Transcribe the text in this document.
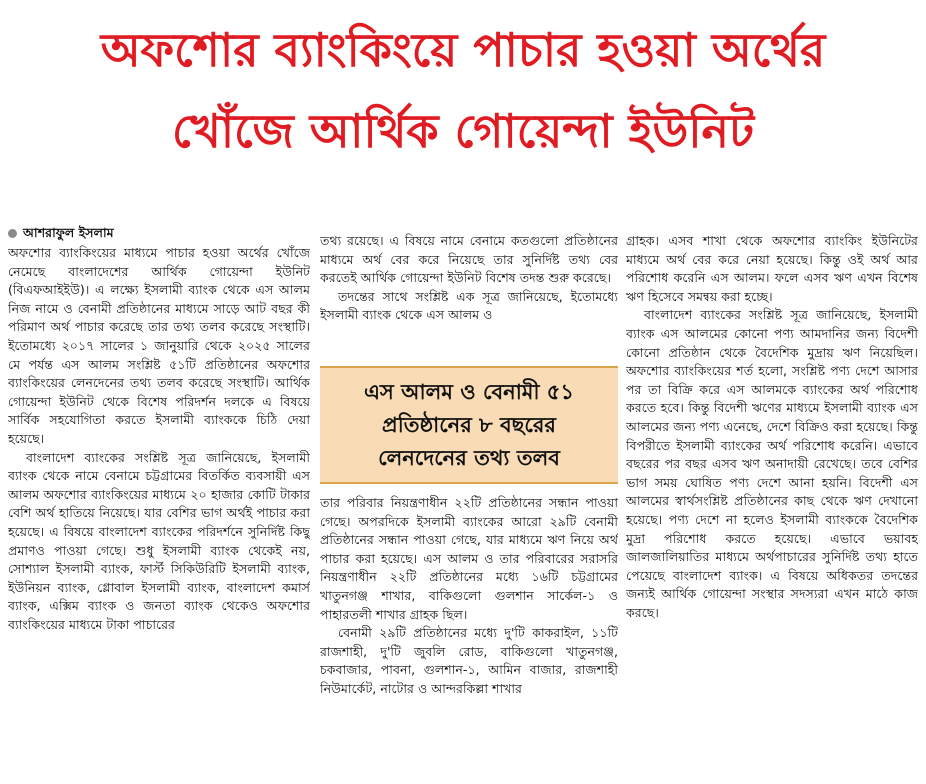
অফশোর ব্যাংকিংয়ে পাচার হওয়া অর্থের
খোঁজে আর্থিক গোয়েন্দা ইউনিট
আশরাফুল ইসলাম

অফশোর ব্যাংকিংয়ের মাধ্যমে পাচার হওয়া অর্থের খোঁজে নেমেছে বাংলাদেশের আর্থিক গোয়েন্দা ইউনিট (বিএফআইইউ)। এ লক্ষ্যে ইসলামী ব্যাংক থেকে এস আলম নিজ নামে ও বেনামী প্রতিষ্ঠানের মাধ্যমে সাড়ে আট বছর কী পরিমাণ অর্থ পাচার করেছে তার তথ্য তলব করেছে সংস্থাটি। ইতোমধ্যে ২০১৭ সালের ১ জানুয়ারি থেকে ২০২৫ সালের মে পর্যন্ত এস আলম সংশ্লিষ্ট ৫১টি প্রতিষ্ঠানের অফশোর ব্যাংকিংয়ের লেনদেনের তথ্য তলব করেছে সংস্থাটি। আর্থিক গোয়েন্দা ইউনিট থেকে বিশেষ পরিদর্শন দলকে এ বিষয়ে সার্বিক সহযোগিতা করতে ইসলামী ব্যাংককে চিঠি দেয়া হয়েছে।

বাংলাদেশ ব্যাংকের সংশ্লিষ্ট সূত্র জানিয়েছে, ইসলামী ব্যাংক থেকে নামে বেনামে চট্টগ্রামের বিতর্কিত ব্যবসায়ী এস আলম অফশোর ব্যাংকিংয়ের মাধ্যমে ২০ হাজার কোটি টাকার বেশি অর্থ হাতিয়ে নিয়েছে। যার বেশির ভাগ অর্থই পাচার করা হয়েছে। এ বিষয়ে বাংলাদেশ ব্যাংকের পরিদর্শনে সুনির্দিষ্ট কিছু প্রমাণও পাওয়া গেছে। শুধু ইসলামী ব্যাংক থেকেই নয়, সোশ্যাল ইসলামী ব্যাংক, ফার্স্ট সিকিউরিটি ইসলামী ব্যাংক, ইউনিয়ন ব্যাংক, গ্লোবাল ইসলামী ব্যাংক, বাংলাদেশ কমার্স ব্যাংক, এক্সিম ব্যাংক ও জনতা ব্যাংক থেকেও অফশোর ব্যাংকিংয়ের মাধ্যমে টাকা পাচারের

তথ্য রয়েছে। এ বিষয়ে নামে বেনামে কতগুলো প্রতিষ্ঠানের মাধ্যমে অর্থ বের করে নিয়েছে তার সুনির্দিষ্ট তথ্য বের করতেই আর্থিক গোয়েন্দা ইউনিট বিশেষ তদন্ত শুরু করেছে।

তদন্তের সাথে সংশ্লিষ্ট এক সূত্র জানিয়েছে, ইতোমধ্যে ইসলামী ব্যাংক থেকে এস আলম ও

এস আলম ও বেনামী ৫১
প্রতিষ্ঠানের ৮ বছরের
লেনদেনের তথ্য তলব

তার পরিবার নিয়ন্ত্রণাধীন ২২টি প্রতিষ্ঠানের সন্ধান পাওয়া গেছে। অপরদিকে ইসলামী ব্যাংকের আরো ২৯টি বেনামী প্রতিষ্ঠানের সন্ধান পাওয়া গেছে, যার মাধ্যমে ঋণ নিয়ে অর্থ পাচার করা হয়েছে। এস আলম ও তার পরিবারের সরাসরি নিয়ন্ত্রণাধীন ২২টি প্রতিষ্ঠানের মধ্যে ১৬টি চট্টগ্রামের খাতুনগঞ্জ শাখার, বাকিগুলো গুলশান সার্কেল-১ ও পাহারতলী শাখার গ্রাহক ছিল।

বেনামী ২৯টি প্রতিষ্ঠানের মধ্যে দু'টি কাকরাইল, ১১টি রাজশাহী, দু'টি জুবলি রোড, বাকিগুলো খাতুনগঞ্জ, চকবাজার, পাবনা, গুলশান-১, আমিন বাজার, রাজশাহী নিউমার্কেট, নাটোর ও আন্দরকিল্লা শাখার

গ্রাহক। এসব শাখা থেকে অফশোর ব্যাংকিং ইউনিটের মাধ্যমে অর্থ বের করে নেয়া হয়েছে। কিন্তু ওই অর্থ আর পরিশোধ করেনি এস আলম। ফলে এসব ঋণ এখন বিশেষ ঋণ হিসেবে সমন্বয় করা হচ্ছে।

বাংলাদেশ ব্যাংকের সংশ্লিষ্ট সূত্র জানিয়েছে, ইসলামী ব্যাংক এস আলমের কোনো পণ্য আমদানির জন্য বিদেশী কোনো প্রতিষ্ঠান থেকে বৈদেশিক মুদ্রায় ঋণ নিয়েছিল। অফশোর ব্যাংকিংয়ের শর্ত হলো, সংশ্লিষ্ট পণ্য দেশে আসার পর তা বিক্রি করে এস আলমকে ব্যাংকের অর্থ পরিশোধ করতে হবে। কিন্তু বিদেশী ঋণের মাধ্যমে ইসলামী ব্যাংক এস আলমের জন্য পণ্য এনেছে, দেশে বিক্রিও করা হয়েছে। কিন্তু বিপরীতে ইসলামী ব্যাংকের অর্থ পরিশোধ করেনি। এভাবে বছরের পর বছর এসব ঋণ অনাদায়ী রেখেছে। তবে বেশির ভাগ সময় ঘোষিত পণ্য দেশে আনা হয়নি। বিদেশী এস আলমের স্বার্থসংশ্লিষ্ট প্রতিষ্ঠানের কাছ থেকে ঋণ দেখানো হয়েছে। পণ্য দেশে না হলেও ইসলামী ব্যাংককে বৈদেশিক মুদ্রা পরিশোধ করতে হয়েছে। এভাবে ভয়াবহ জালজালিয়াতির মাধ্যমে অর্থপাচারের সুনির্দিষ্ট তথ্য হাতে পেয়েছে বাংলাদেশ ব্যাংক। এ বিষয়ে অধিকতর তদন্তের জন্যই আর্থিক গোয়েন্দা সংস্থার সদস্যরা এখন মাঠে কাজ করছে।
